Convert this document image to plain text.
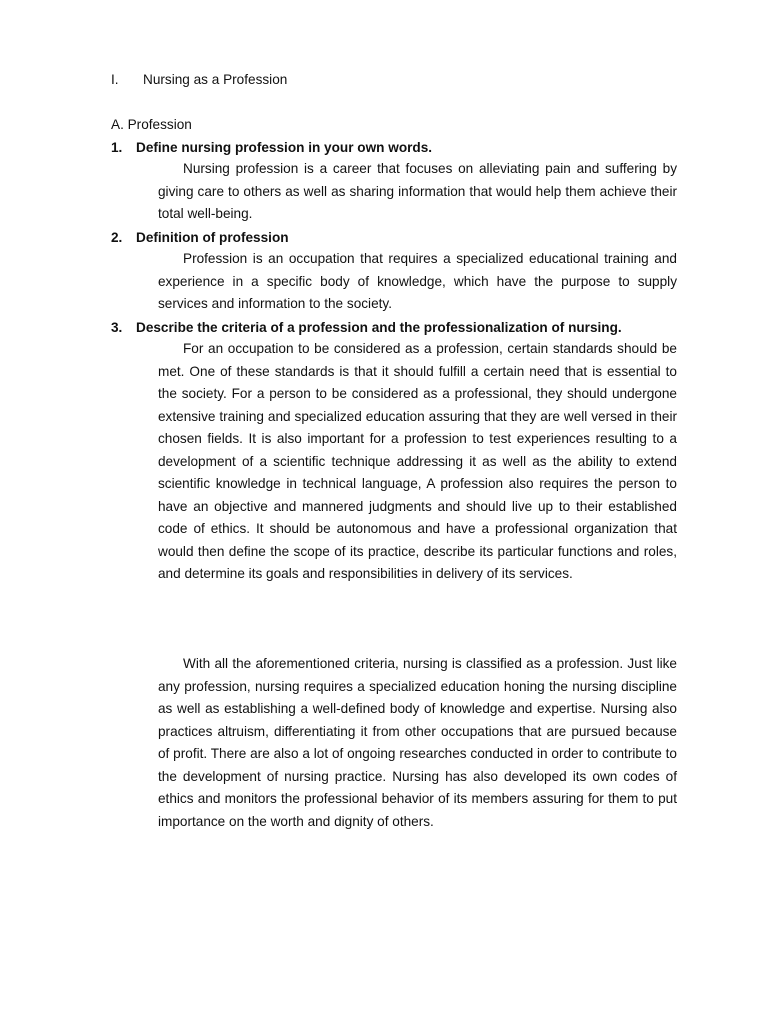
I. Nursing as a Profession
A. Profession
1. Define nursing profession in your own words.

Nursing profession is a career that focuses on alleviating pain and suffering by giving care to others as well as sharing information that would help them achieve their total well-being.

2. Definition of profession

Profession is an occupation that requires a specialized educational training and experience in a specific body of knowledge, which have the purpose to supply services and information to the society.

3. Describe the criteria of a profession and the professionalization of nursing.

For an occupation to be considered as a profession, certain standards should be met. One of these standards is that it should fulfill a certain need that is essential to the society. For a person to be considered as a professional, they should undergone extensive training and specialized education assuring that they are well versed in their chosen fields. It is also important for a profession to test experiences resulting to a development of a scientific technique addressing it as well as the ability to extend scientific knowledge in technical language, A profession also requires the person to have an objective and mannered judgments and should live up to their established code of ethics. It should be autonomous and have a professional organization that would then define the scope of its practice, describe its particular functions and roles, and determine its goals and responsibilities in delivery of its services.

With all the aforementioned criteria, nursing is classified as a profession. Just like any profession, nursing requires a specialized education honing the nursing discipline as well as establishing a well-defined body of knowledge and expertise. Nursing also practices altruism, differentiating it from other occupations that are pursued because of profit. There are also a lot of ongoing researches conducted in order to contribute to the development of nursing practice. Nursing has also developed its own codes of ethics and monitors the professional behavior of its members assuring for them to put importance on the worth and dignity of others.
